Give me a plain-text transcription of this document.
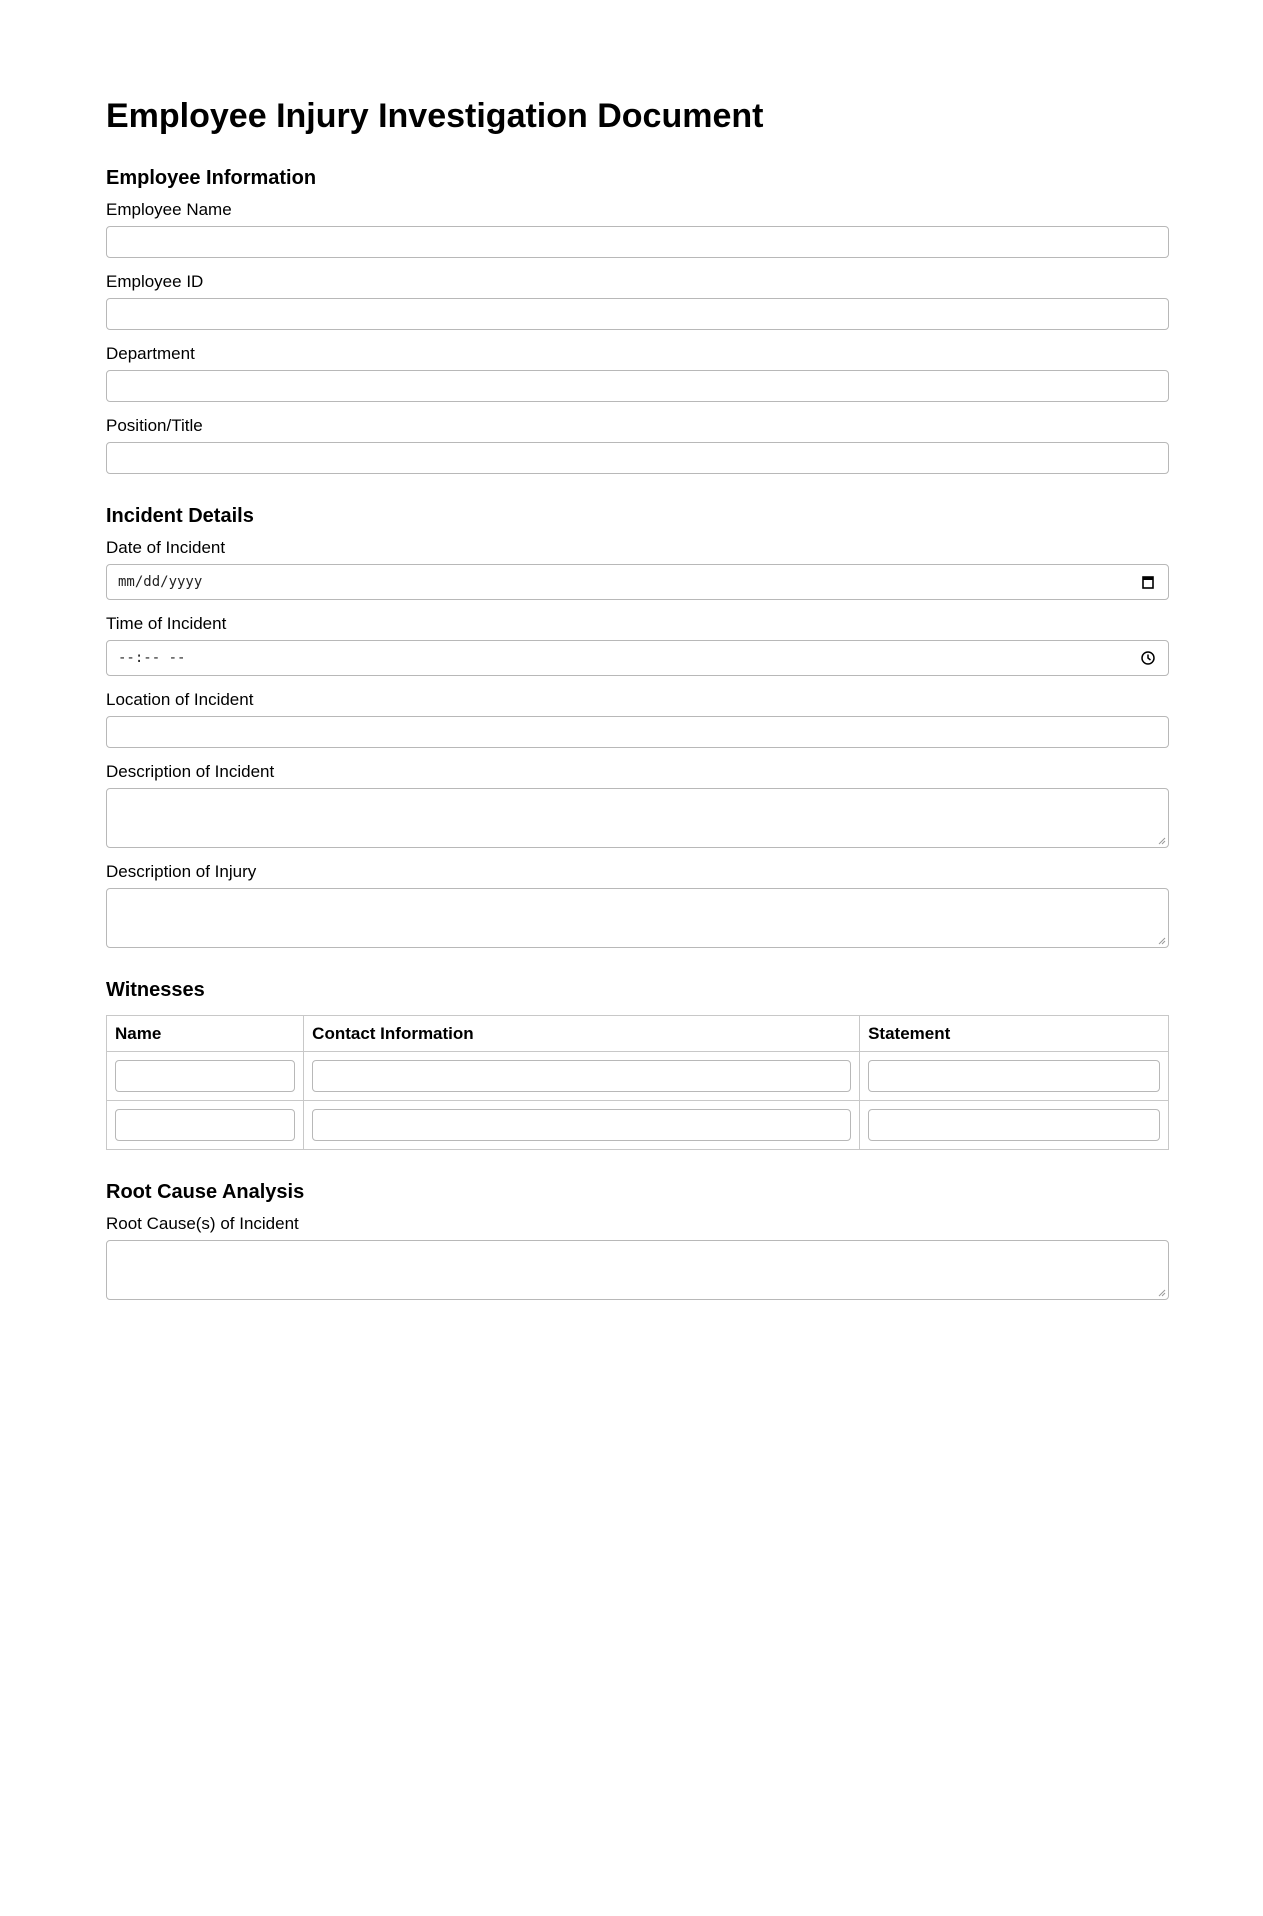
Employee Injury Investigation Document
Employee Information
Employee Name
Employee ID
Department
Position/Title
Incident Details
Date of Incident
mm/dd/yyyy
Time of Incident
--:-- --
Location of Incident
Description of Incident
Description of Injury
Witnesses
Name	Contact Information	Statement

Root Cause Analysis
Root Cause(s) of Incident
